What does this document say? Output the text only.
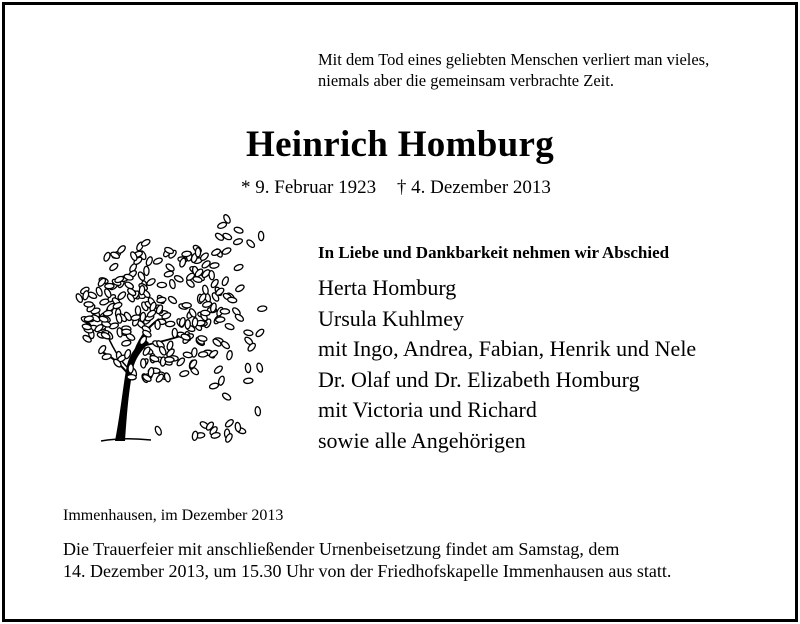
Mit dem Tod eines geliebten Menschen verliert man vieles,
niemals aber die gemeinsam verbrachte Zeit.
Heinrich Homburg
* 9. Februar 1923 † 4. Dezember 2013
In Liebe und Dankbarkeit nehmen wir Abschied
Herta Homburg
Ursula Kuhlmey
mit Ingo, Andrea, Fabian, Henrik und Nele
Dr. Olaf und Dr. Elizabeth Homburg
mit Victoria und Richard
sowie alle Angehörigen
Immenhausen, im Dezember 2013
Die Trauerfeier mit anschließender Urnenbeisetzung findet am Samstag, dem
14. Dezember 2013, um 15.30 Uhr von der Friedhofskapelle Immenhausen aus statt.
